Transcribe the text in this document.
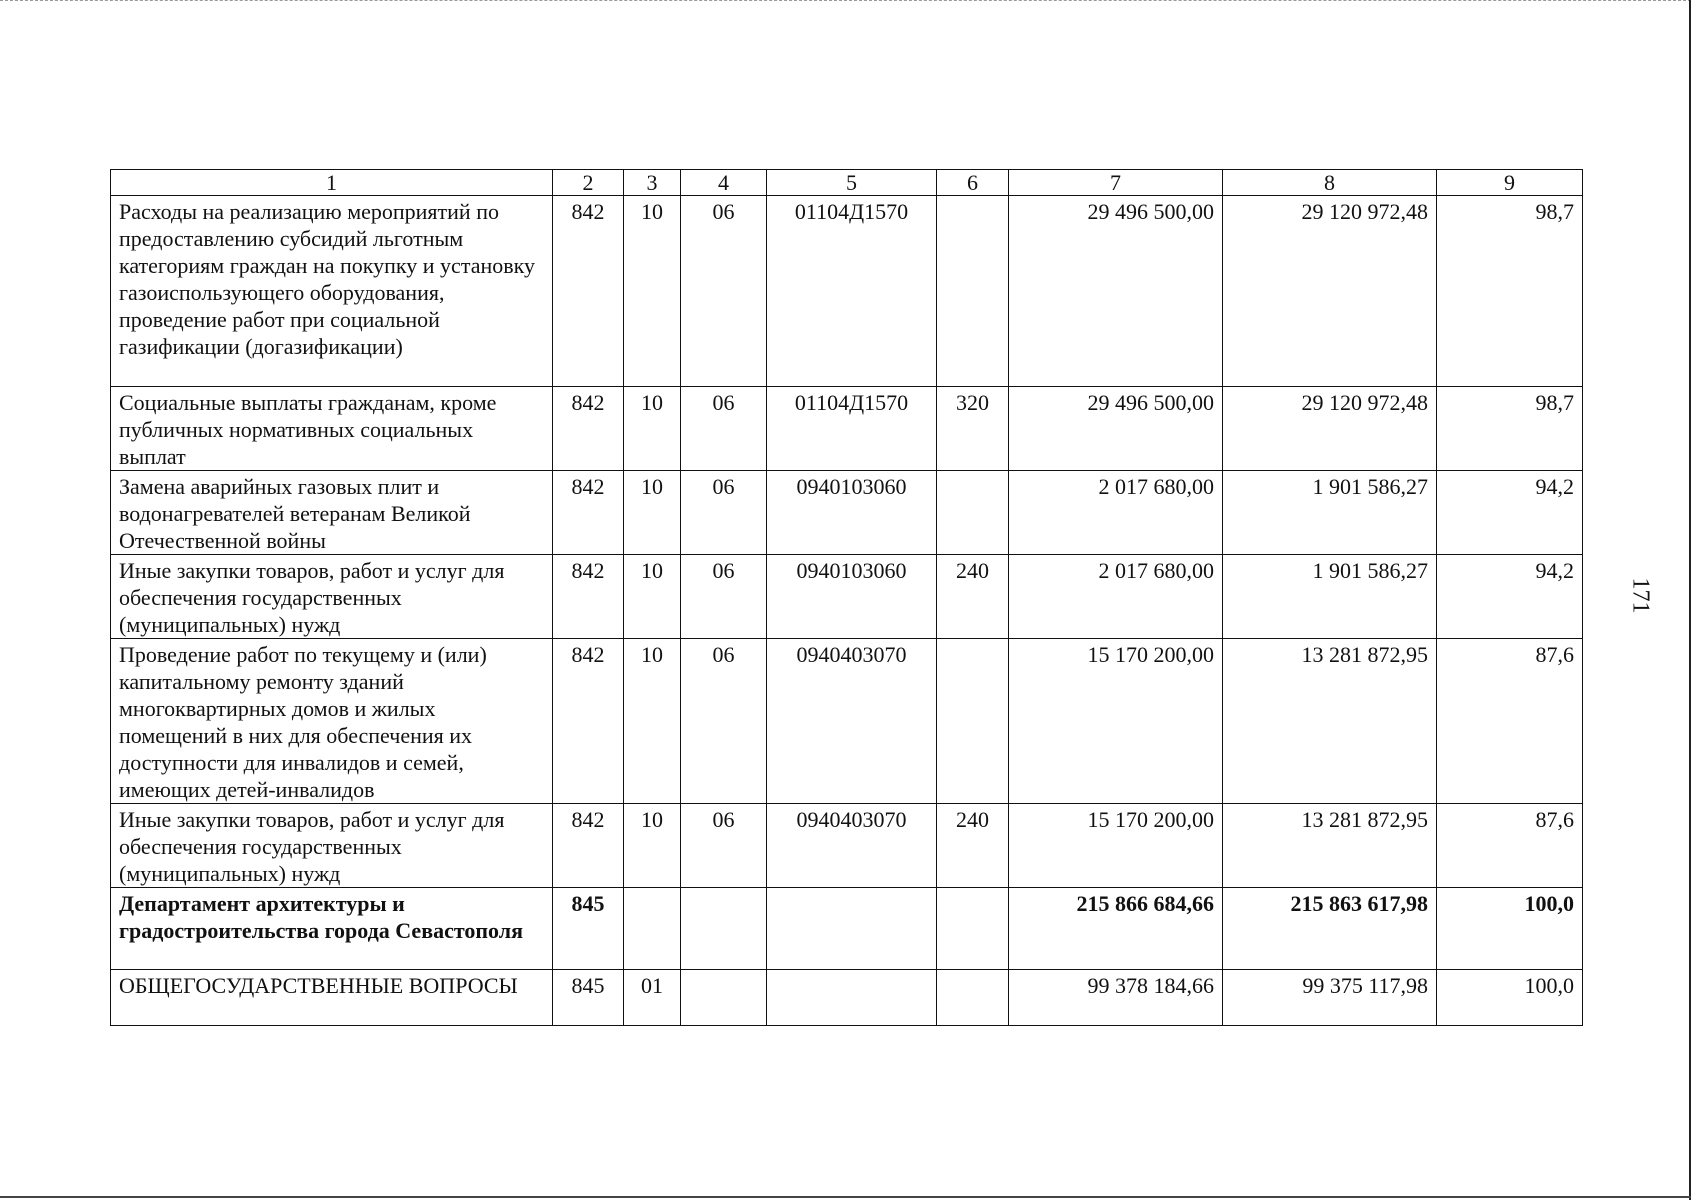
1	2	3	4	5	6	7	8	9
Расходы на реализацию мероприятий по предоставлению субсидий льготным категориям граждан на покупку и установку газоиспользующего оборудования, проведение работ при социальной газификации (догазификации)	842	10	06	01104Д1570		29 496 500,00	29 120 972,48	98,7
Социальные выплаты гражданам, кроме публичных нормативных социальных выплат	842	10	06	01104Д1570	320	29 496 500,00	29 120 972,48	98,7
Замена аварийных газовых плит и водонагревателей ветеранам Великой Отечественной войны	842	10	06	0940103060		2 017 680,00	1 901 586,27	94,2
Иные закупки товаров, работ и услуг для обеспечения государственных (муниципальных) нужд	842	10	06	0940103060	240	2 017 680,00	1 901 586,27	94,2
Проведение работ по текущему и (или) капитальному ремонту зданий многоквартирных домов и жилых помещений в них для обеспечения их доступности для инвалидов и семей, имеющих детей-инвалидов	842	10	06	0940403070		15 170 200,00	13 281 872,95	87,6
Иные закупки товаров, работ и услуг для обеспечения государственных (муниципальных) нужд	842	10	06	0940403070	240	15 170 200,00	13 281 872,95	87,6
Департамент архитектуры и градостроительства города Севастополя	845					215 866 684,66	215 863 617,98	100,0
ОБЩЕГОСУДАРСТВЕННЫЕ ВОПРОСЫ	845	01				99 378 184,66	99 375 117,98	100,0
171
